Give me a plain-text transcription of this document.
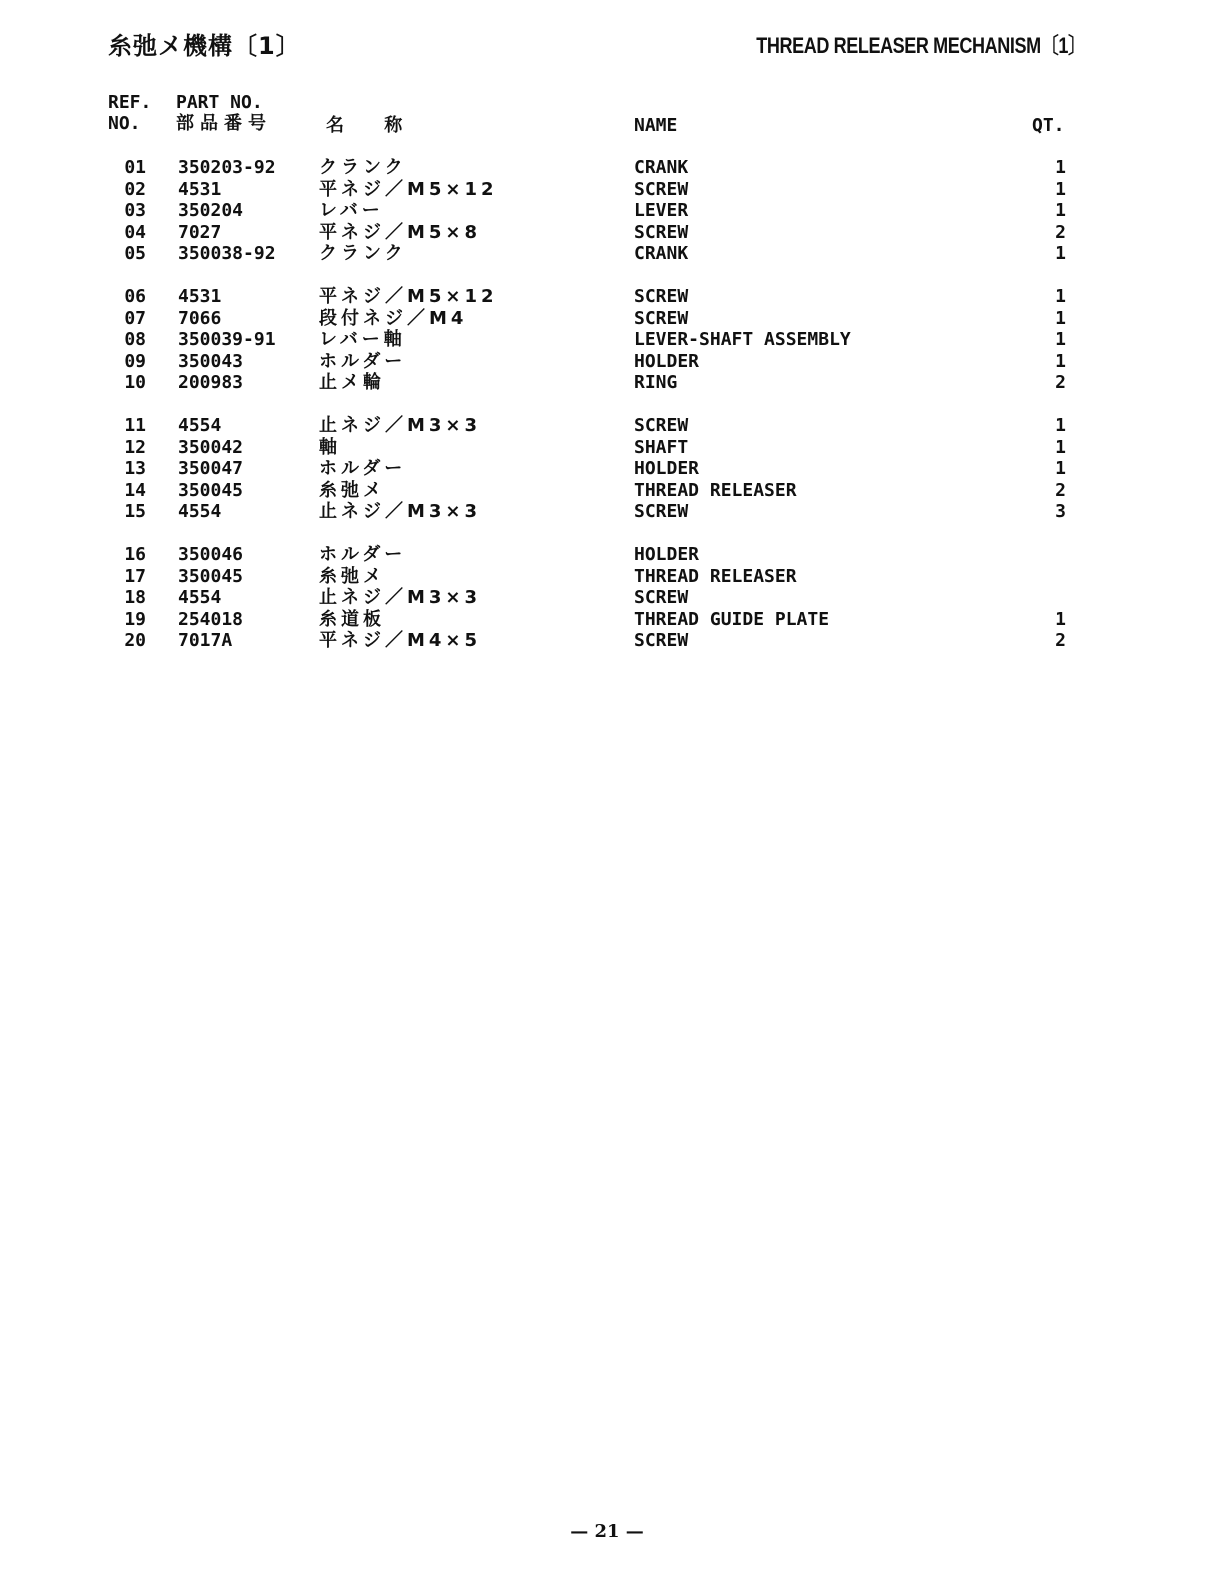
糸弛メ機構〔1〕	THREAD RELEASER MECHANISM〔1〕
REF.
NO.
PART NO.
部品番号	名 称	NAME	QT.
01 350203-92 クランク	CRANK	1
02 4531	平ネジ／M5×12	SCREW	1
03 350204	レバー	LEVER	1
04 7027	平ネジ／M5×8	SCREW	2
05 350038-92 クランク	CRANK	1
06 4531	平ネジ／M5×12	SCREW	1
07 7066	段付ネジ／M4	SCREW	1
08 350039-91 レバー軸	LEVER-SHAFT ASSEMBLY	1
09 350043	ホルダー	HOLDER	1
10 200983	止メ輪	RING	2
11 4554	止ネジ／M3×3	SCREW	1
12 350042	軸	SHAFT	1
13 350047	ホルダー	HOLDER	1
14 350045	糸弛メ	THREAD RELEASER	2
15 4554	止ネジ／M3×3	SCREW	3
16 350046	ホルダー	HOLDER
17 350045	糸弛メ	THREAD RELEASER
18 4554	止ネジ／M3×3	SCREW
19 254018	糸道板	THREAD GUIDE PLATE	1
20 7017A	平ネジ／M4×5	SCREW	2
— 21 —
